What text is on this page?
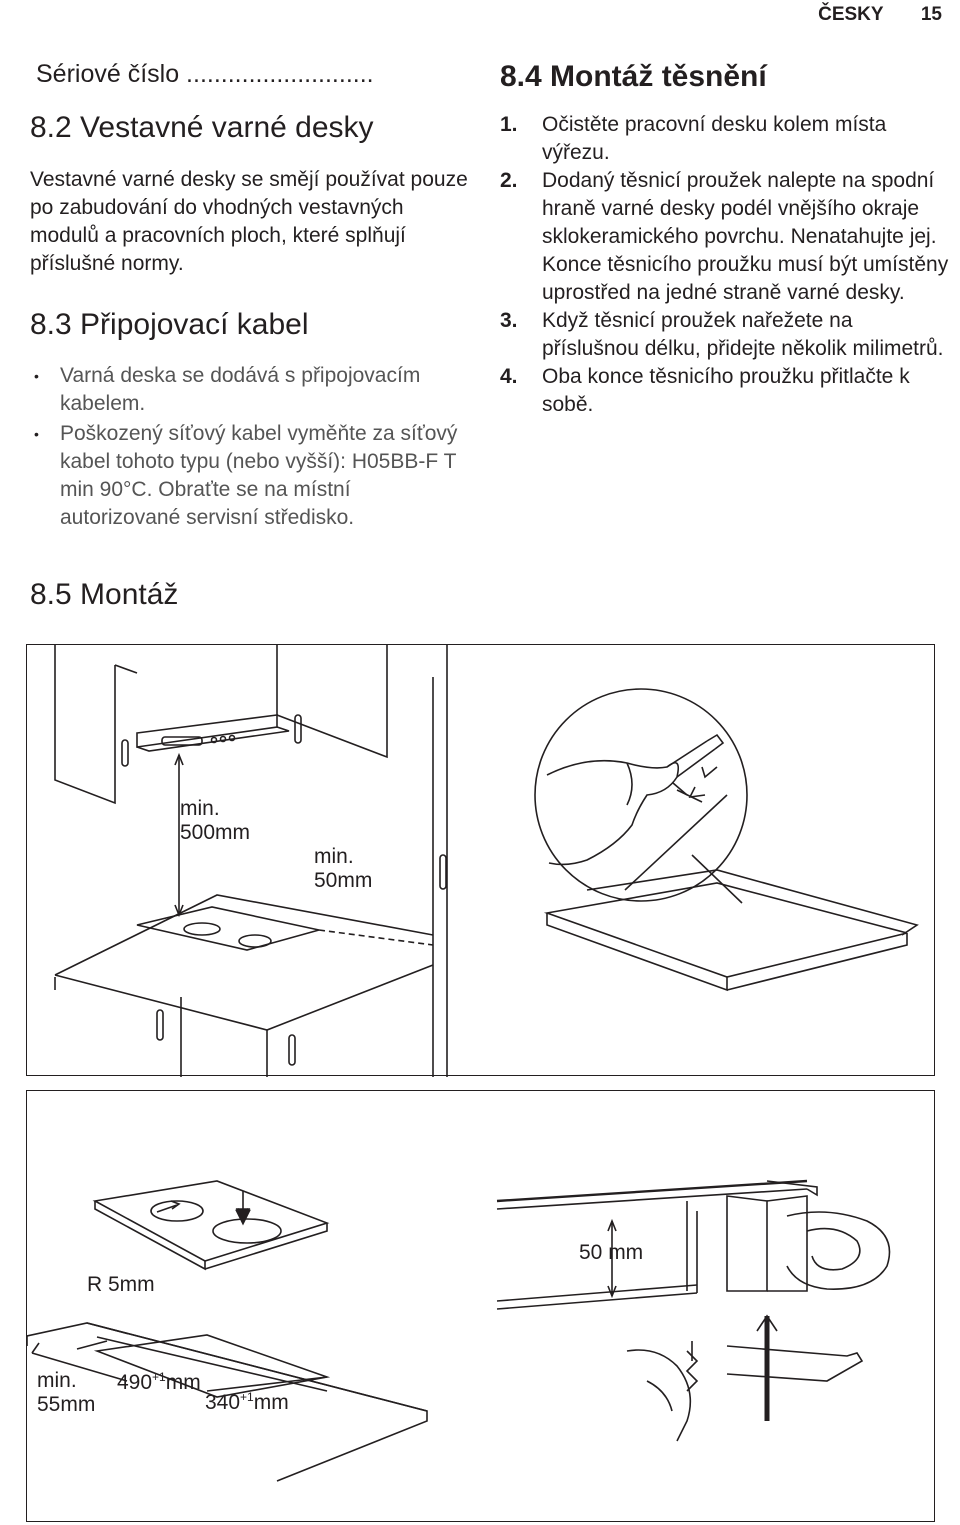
ČESKY 15
Sériové číslo ...........................
8.2 Vestavné varné desky

Vestavné varné desky se smějí používat pouze po zabudování do vhodných vestavných modulů a pracovních ploch, které splňují příslušné normy.

8.3 Připojovací kabel
• Varná deska se dodává s připojovacím kabelem.
• Poškozený síťový kabel vyměňte za síťový kabel tohoto typu (nebo vyšší): H05BB-F T min 90°C. Obraťte se na místní autorizované servisní středisko.
8.4 Montáž těsnění
1. Očistěte pracovní desku kolem místa výřezu.
2. Dodaný těsnicí proužek nalepte na spodní hraně varné desky podél vnějšího okraje sklokeramického povrchu. Nenatahujte jej. Konce těsnicího proužku musí být umístěny uprostřed na jedné straně varné desky.
3. Když těsnicí proužek nařežete na příslušnou délku, přidejte několik milimetrů.
4. Oba konce těsnicího proužku přitlačte k sobě.
8.5 Montáž
min.
500mm
min.
50mm
R 5mm

$490^{+1}mm$

$340^{+1}mm$

min.
55mm
50 mm
